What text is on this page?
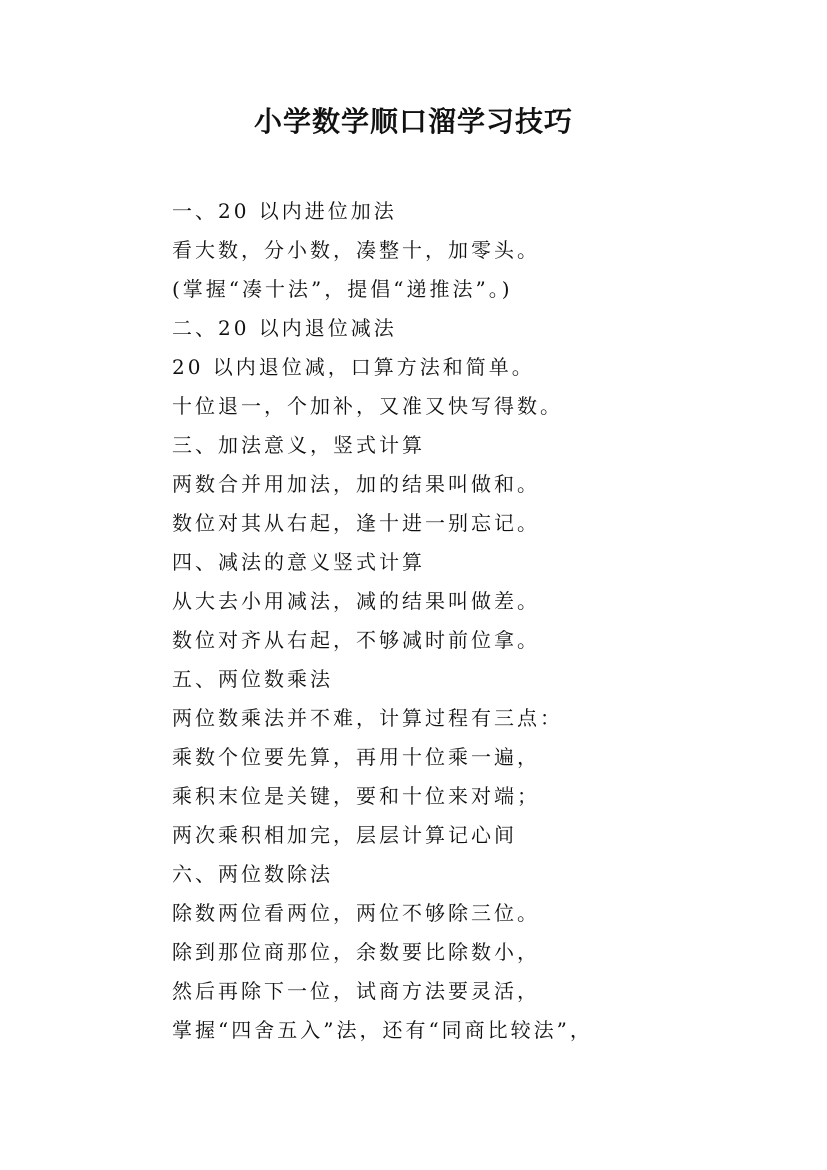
小学数学顺口溜学习技巧
一、20 以内进位加法
看大数，分小数，凑整十，加零头。
(掌握“凑十法”，提倡“递推法”。)
二、20 以内退位减法
20 以内退位减，口算方法和简单。
十位退一，个加补，又准又快写得数。
三、加法意义，竖式计算
两数合并用加法，加的结果叫做和。
数位对其从右起，逢十进一别忘记。
四、减法的意义竖式计算
从大去小用减法，减的结果叫做差。
数位对齐从右起，不够减时前位拿。
五、两位数乘法
两位数乘法并不难，计算过程有三点：
乘数个位要先算，再用十位乘一遍，
乘积末位是关键，要和十位来对端；
两次乘积相加完，层层计算记心间
六、两位数除法
除数两位看两位，两位不够除三位。
除到那位商那位，余数要比除数小，
然后再除下一位，试商方法要灵活，
掌握“四舍五入”法，还有“同商比较法”，
